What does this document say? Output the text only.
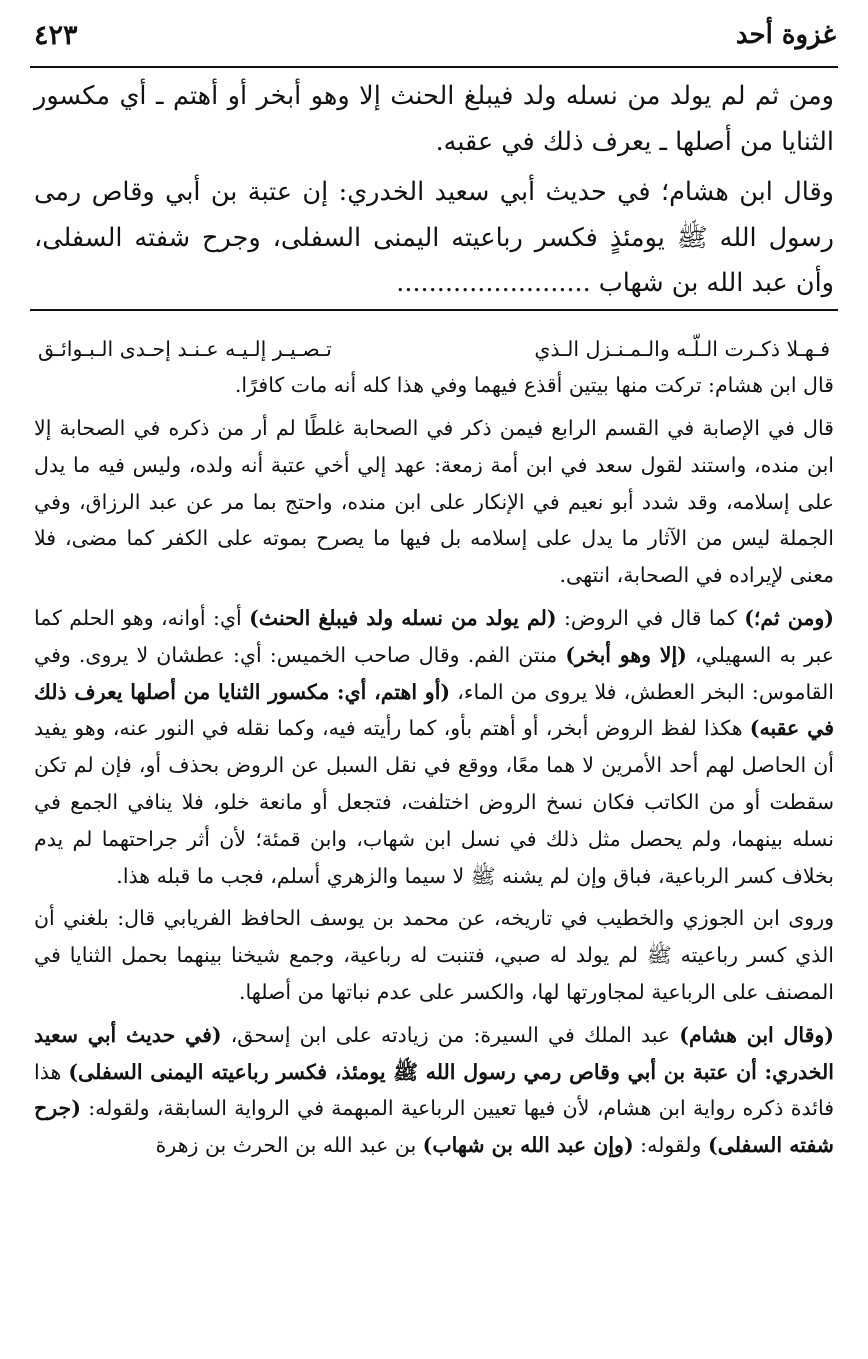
غزوة أحد
٤٢٣

ومن ثم لم يولد من نسله ولد فيبلغ الحنث إلا وهو أبخر أو أهتم ـ أي مكسور الثنايا من أصلها ـ يعرف ذلك في عقبه.

وقال ابن هشام؛ في حديث أبي سعيد الخدري: إن عتبة بن أبي وقاص رمى رسول الله ﷺ يومئذٍ فكسر رباعيته اليمنى السفلى، وجرح شفته السفلى، وأن عبد الله بن شهاب........................

فـهـلا ذكـرت الـلّـه والـمـنـزل الـذي
تـصـيـر إلـيـه عـنـد إحـدى الـبـوائـق

قال ابن هشام: تركت منها بيتين أقذع فيهما وفي هذا كله أنه مات كافرًا.

قال في الإصابة في القسم الرابع فيمن ذكر في الصحابة غلطًا لم أر من ذكره في الصحابة إلا ابن منده، واستند لقول سعد في ابن أمة زمعة: عهد إلي أخي عتبة أنه ولده، وليس فيه ما يدل على إسلامه، وقد شدد أبو نعيم في الإنكار على ابن منده، واحتج بما مر عن عبد الرزاق، وفي الجملة ليس من الآثار ما يدل على إسلامه بل فيها ما يصرح بموته على الكفر كما مضى، فلا معنى لإيراده في الصحابة، انتهى.

(ومن ثم؛) كما قال في الروض: (لم يولد من نسله ولد فيبلغ الحنث) أي: أوانه، وهو الحلم كما عبر به السهيلي، (إلا وهو أبخر) منتن الفم. وقال صاحب الخميس: أي: عطشان لا يروى. وفي القاموس: البخر العطش، فلا يروى من الماء، (أو اهتم، أي: مكسور الثنايا من أصلها يعرف ذلك في عقبه) هكذا لفظ الروض أبخر، أو أهتم بأو، كما رأيته فيه، وكما نقله في النور عنه، وهو يفيد أن الحاصل لهم أحد الأمرين لا هما معًا، ووقع في نقل السبل عن الروض بحذف أو، فإن لم تكن سقطت أو من الكاتب فكان نسخ الروض اختلفت، فتجعل أو مانعة خلو، فلا ينافي الجمع في نسله بينهما، ولم يحصل مثل ذلك في نسل ابن شهاب، وابن قمئة؛ لأن أثر جراحتهما لم يدم بخلاف كسر الرباعية، فباق وإن لم يشنه ﷺ لا سيما والزهري أسلم، فجب ما قبله هذا.

وروى ابن الجوزي والخطيب في تاريخه، عن محمد بن يوسف الحافظ الفريابي قال: بلغني أن الذي كسر رباعيته ﷺ لم يولد له صبي، فتنبت له رباعية، وجمع شيخنا بينهما بحمل الثنايا في المصنف على الرباعية لمجاورتها لها، والكسر على عدم نباتها من أصلها.

(وقال ابن هشام) عبد الملك في السيرة: من زيادته على ابن إسحق، (في حديث أبي سعيد الخدري: أن عتبة بن أبي وقاص رمي رسول الله ﷺ يومئذ، فكسر رباعيته اليمنى السفلى) هذا فائدة ذكره رواية ابن هشام، لأن فيها تعيين الرباعية المبهمة في الرواية السابقة، ولقوله: (جرح شفته السفلى) ولقوله: (وإن عبد الله بن شهاب) بن عبد الله بن الحرث بن زهرة
